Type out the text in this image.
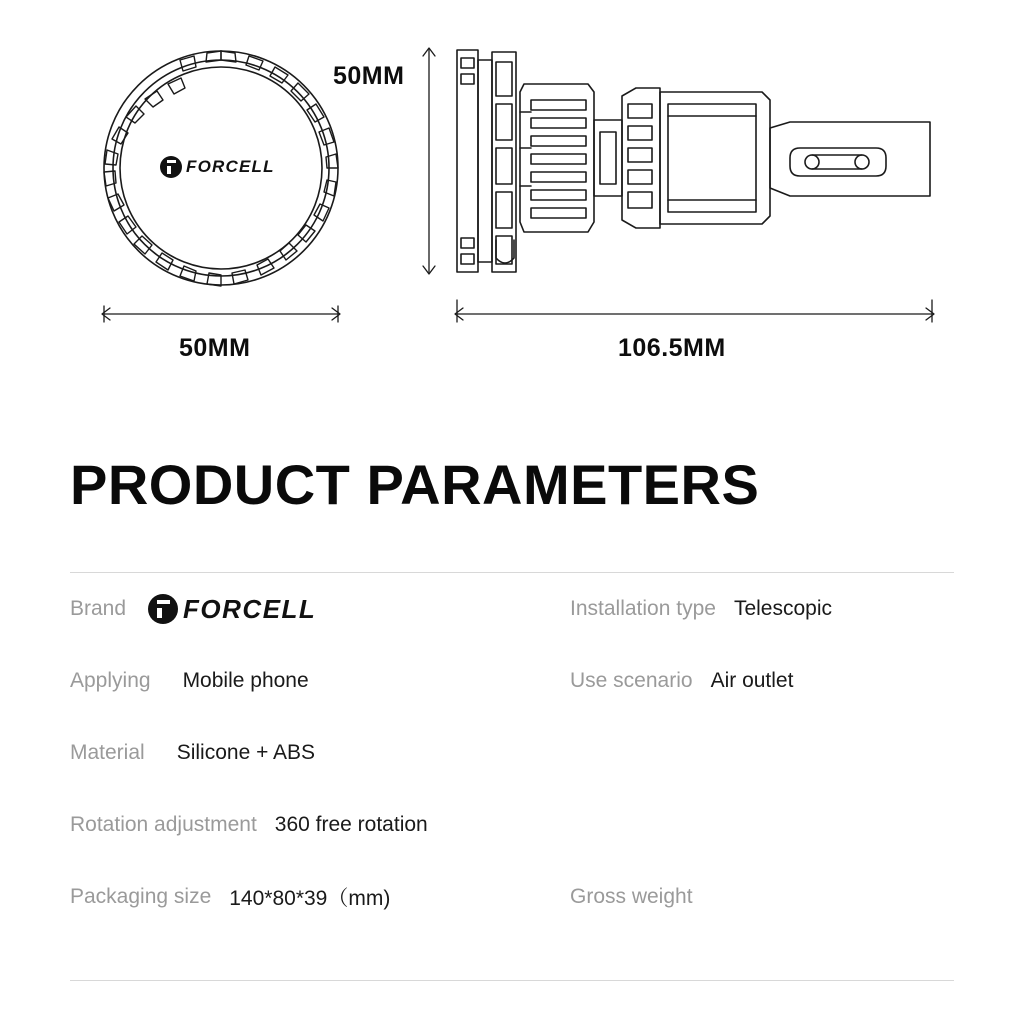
FORCELL
50MM
50MM	106.5MM
PRODUCT PARAMETERS
Brand FORCELL	Installation type Telescopic
Applying Mobile phone	Use scenario Air outlet
Material Silicone + ABS
Rotation adjustment 360 free rotation
Packaging size 140*80*39（mm)	Gross weight
